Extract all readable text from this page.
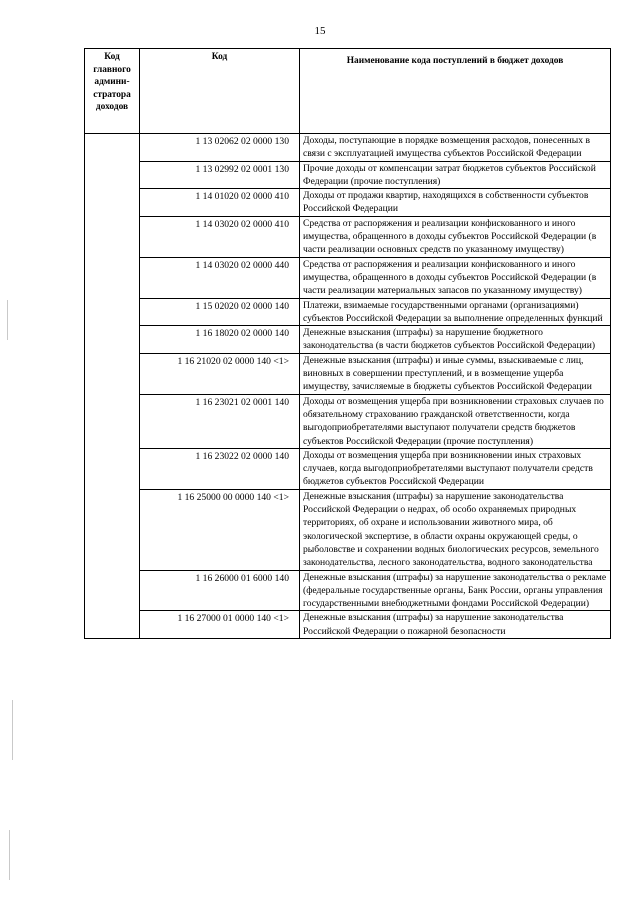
15
Код главного админи-стратора доходов	Код	Наименование кода поступлений в бюджет доходов
	1 13 02062 02 0000 130	Доходы, поступающие в порядке возмещения расходов, понесенных в связи с эксплуатацией имущества субъектов Российской Федерации
	1 13 02992 02 0001 130	Прочие доходы от компенсации затрат бюджетов субъектов Российской Федерации (прочие поступления)
	1 14 01020 02 0000 410	Доходы от продажи квартир, находящихся в собственности субъектов Российской Федерации
	1 14 03020 02 0000 410	Средства от распоряжения и реализации конфискованного и иного имущества, обращенного в доходы субъектов Российской Федерации (в части реализации основных средств по указанному имуществу)
	1 14 03020 02 0000 440	Средства от распоряжения и реализации конфискованного и иного имущества, обращенного в доходы субъектов Российской Федерации (в части реализации материальных запасов по указанному имуществу)
	1 15 02020 02 0000 140	Платежи, взимаемые государственными органами (организациями) субъектов Российской Федерации за выполнение определенных функций
	1 16 18020 02 0000 140	Денежные взыскания (штрафы) за нарушение бюджетного законодательства (в части бюджетов субъектов Российской Федерации)
	1 16 21020 02 0000 140 <1>	Денежные взыскания (штрафы) и иные суммы, взыскиваемые с лиц, виновных в совершении преступлений, и в возмещение ущерба имуществу, зачисляемые в бюджеты субъектов Российской Федерации
	1 16 23021 02 0001 140	Доходы от возмещения ущерба при возникновении страховых случаев по обязательному страхованию гражданской ответственности, когда выгодоприобретателями выступают получатели средств бюджетов субъектов Российской Федерации (прочие поступления)
	1 16 23022 02 0000 140	Доходы от возмещения ущерба при возникновении иных страховых случаев, когда выгодоприобретателями выступают получатели средств бюджетов субъектов Российской Федерации
	1 16 25000 00 0000 140 <1>	Денежные взыскания (штрафы) за нарушение законодательства Российской Федерации о недрах, об особо охраняемых природных территориях, об охране и использовании животного мира, об экологической экспертизе, в области охраны окружающей среды, о рыболовстве и сохранении водных биологических ресурсов, земельного законодательства, лесного законодательства, водного законодательства
	1 16 26000 01 6000 140	Денежные взыскания (штрафы) за нарушение законодательства о рекламе (федеральные государственные органы, Банк России, органы управления государственными внебюджетными фондами Российской Федерации)
	1 16 27000 01 0000 140 <1>	Денежные взыскания (штрафы) за нарушение законодательства Российской Федерации о пожарной безопасности
